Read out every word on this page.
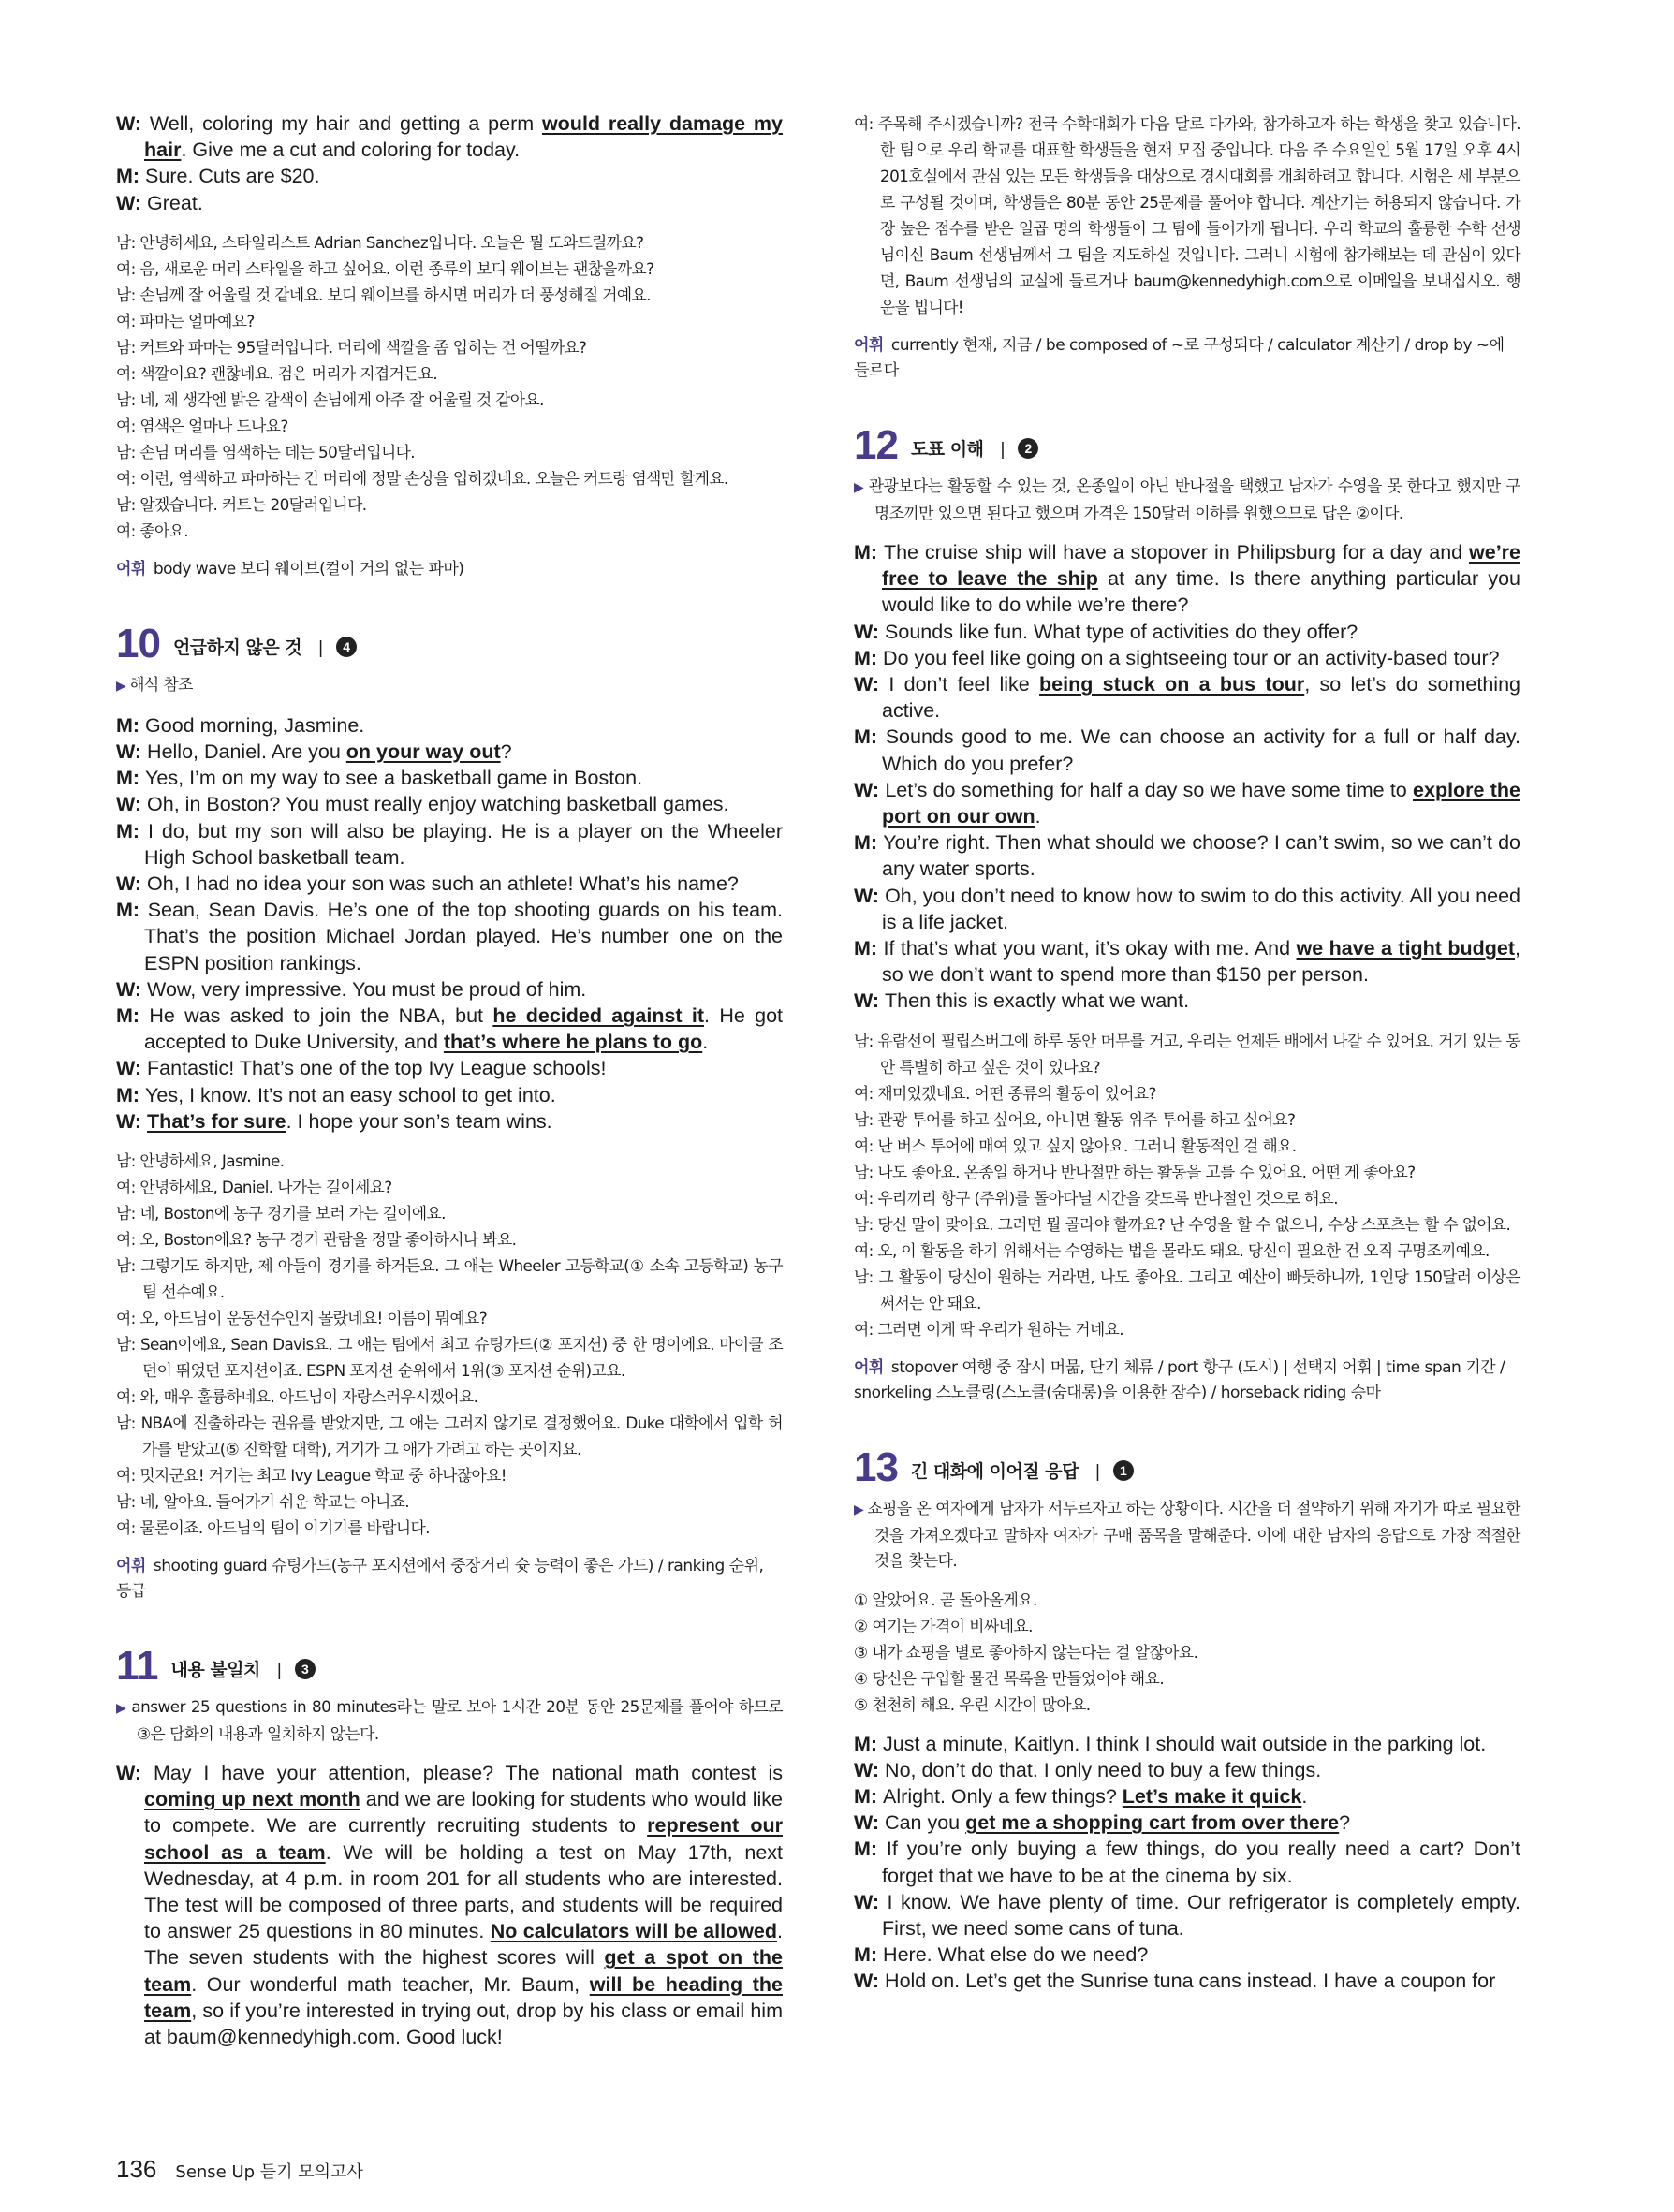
W: Well, coloring my hair and getting a perm would really damage my hair. Give me a cut and coloring for today.

M: Sure. Cuts are $20.

W: Great.

남: 안녕하세요, 스타일리스트 Adrian Sanchez입니다. 오늘은 뭘 도와드릴까요?

여: 음, 새로운 머리 스타일을 하고 싶어요. 이런 종류의 보디 웨이브는 괜찮을까요?

남: 손님께 잘 어울릴 것 같네요. 보디 웨이브를 하시면 머리가 더 풍성해질 거예요.

여: 파마는 얼마예요?

남: 커트와 파마는 95달러입니다. 머리에 색깔을 좀 입히는 건 어떨까요?

여: 색깔이요? 괜찮네요. 검은 머리가 지겹거든요.

남: 네, 제 생각엔 밝은 갈색이 손님에게 아주 잘 어울릴 것 같아요.

여: 염색은 얼마나 드나요?

남: 손님 머리를 염색하는 데는 50달러입니다.

여: 이런, 염색하고 파마하는 건 머리에 정말 손상을 입히겠네요. 오늘은 커트랑 염색만 할게요.

남: 알겠습니다. 커트는 20달러입니다.

여: 좋아요.

어휘 body wave 보디 웨이브(컬이 거의 없는 파마)
10 언급하지 않은 것 |	4

▶ 해석 참조

M: Good morning, Jasmine.

W: Hello, Daniel. Are you on your way out?

M: Yes, I’m on my way to see a basketball game in Boston.

W: Oh, in Boston? You must really enjoy watching basketball games.

M: I do, but my son will also be playing. He is a player on the Wheeler High School basketball team.

W: Oh, I had no idea your son was such an athlete! What’s his name?

M: Sean, Sean Davis. He’s one of the top shooting guards on his team. That’s the position Michael Jordan played. He’s number one on the ESPN position rankings.

W: Wow, very impressive. You must be proud of him.

M: He was asked to join the NBA, but he decided against it. He got accepted to Duke University, and that’s where he plans to go.

W: Fantastic! That’s one of the top Ivy League schools!

M: Yes, I know. It’s not an easy school to get into.

W: That’s for sure. I hope your son’s team wins.

남: 안녕하세요, Jasmine.

여: 안녕하세요, Daniel. 나가는 길이세요?

남: 네, Boston에 농구 경기를 보러 가는 길이에요.

여: 오, Boston에요? 농구 경기 관람을 정말 좋아하시나 봐요.

남: 그렇기도 하지만, 제 아들이 경기를 하거든요. 그 애는 Wheeler 고등학교(① 소속 고등학교) 농구팀 선수예요.

여: 오, 아드님이 운동선수인지 몰랐네요! 이름이 뭐예요?

남: Sean이에요, Sean Davis요. 그 애는 팀에서 최고 슈팅가드(② 포지션) 중 한 명이에요. 마이클 조던이 뛰었던 포지션이죠. ESPN 포지션 순위에서 1위(③ 포지션 순위)고요.

여: 와, 매우 훌륭하네요. 아드님이 자랑스러우시겠어요.

남: NBA에 진출하라는 권유를 받았지만, 그 애는 그러지 않기로 결정했어요. Duke 대학에서 입학 허가를 받았고(⑤ 진학할 대학), 거기가 그 애가 가려고 하는 곳이지요.

여: 멋지군요! 거기는 최고 Ivy League 학교 중 하나잖아요!

남: 네, 알아요. 들어가기 쉬운 학교는 아니죠.

여: 물론이죠. 아드님의 팀이 이기기를 바랍니다.

어휘 shooting guard 슈팅가드(농구 포지션에서 중장거리 슛 능력이 좋은 가드) / ranking 순위, 등급
11 내용 불일치 |	3

▶ answer 25 questions in 80 minutes라는 말로 보아 1시간 20분 동안 25문제를 풀어야 하므로 ③은 담화의 내용과 일치하지 않는다.

W: May I have your attention, please? The national math contest is coming up next month and we are looking for students who would like to compete. We are currently recruiting students to represent our school as a team. We will be holding a test on May 17th, next Wednesday, at 4 p.m. in room 201 for all students who are interested. The test will be composed of three parts, and students will be required to answer 25 questions in 80 minutes. No calculators will be allowed. The seven students with the highest scores will get a spot on the team. Our wonderful math teacher, Mr. Baum, will be heading the team, so if you’re interested in trying out, drop by his class or email him at baum@kennedyhigh.com. Good luck!

여: 주목해 주시겠습니까? 전국 수학대회가 다음 달로 다가와, 참가하고자 하는 학생을 찾고 있습니다. 한 팀으로 우리 학교를 대표할 학생들을 현재 모집 중입니다. 다음 주 수요일인 5월 17일 오후 4시 201호실에서 관심 있는 모든 학생들을 대상으로 경시대회를 개최하려고 합니다. 시험은 세 부분으로 구성될 것이며, 학생들은 80분 동안 25문제를 풀어야 합니다. 계산기는 허용되지 않습니다. 가장 높은 점수를 받은 일곱 명의 학생들이 그 팀에 들어가게 됩니다. 우리 학교의 훌륭한 수학 선생님이신 Baum 선생님께서 그 팀을 지도하실 것입니다. 그러니 시험에 참가해보는 데 관심이 있다면, Baum 선생님의 교실에 들르거나 baum@kennedyhigh.com으로 이메일을 보내십시오. 행운을 빕니다!

어휘 currently 현재, 지금 / be composed of ~로 구성되다 / calculator 계산기 / drop by ~에 들르다
12 도표 이해 |	2

▶ 관광보다는 활동할 수 있는 것, 온종일이 아닌 반나절을 택했고 남자가 수영을 못 한다고 했지만 구명조끼만 있으면 된다고 했으며 가격은 150달러 이하를 원했으므로 답은 ②이다.

M: The cruise ship will have a stopover in Philipsburg for a day and we’re free to leave the ship at any time. Is there anything particular you would like to do while we’re there?

W: Sounds like fun. What type of activities do they offer?

M: Do you feel like going on a sightseeing tour or an activity-based tour?

W: I don’t feel like being stuck on a bus tour, so let’s do something active.

M: Sounds good to me. We can choose an activity for a full or half day. Which do you prefer?

W: Let’s do something for half a day so we have some time to explore the port on our own.

M: You’re right. Then what should we choose? I can’t swim, so we can’t do any water sports.

W: Oh, you don’t need to know how to swim to do this activity. All you need is a life jacket.

M: If that’s what you want, it’s okay with me. And we have a tight budget, so we don’t want to spend more than $150 per person.

W: Then this is exactly what we want.

남: 유람선이 필립스버그에 하루 동안 머무를 거고, 우리는 언제든 배에서 나갈 수 있어요. 거기 있는 동안 특별히 하고 싶은 것이 있나요?

여: 재미있겠네요. 어떤 종류의 활동이 있어요?

남: 관광 투어를 하고 싶어요, 아니면 활동 위주 투어를 하고 싶어요?

여: 난 버스 투어에 매여 있고 싶지 않아요. 그러니 활동적인 걸 해요.

남: 나도 좋아요. 온종일 하거나 반나절만 하는 활동을 고를 수 있어요. 어떤 게 좋아요?

여: 우리끼리 항구 (주위)를 돌아다닐 시간을 갖도록 반나절인 것으로 해요.

남: 당신 말이 맞아요. 그러면 뭘 골라야 할까요? 난 수영을 할 수 없으니, 수상 스포츠는 할 수 없어요.

여: 오, 이 활동을 하기 위해서는 수영하는 법을 몰라도 돼요. 당신이 필요한 건 오직 구명조끼예요.

남: 그 활동이 당신이 원하는 거라면, 나도 좋아요. 그리고 예산이 빠듯하니까, 1인당 150달러 이상은 써서는 안 돼요.

여: 그러면 이게 딱 우리가 원하는 거네요.

어휘 stopover 여행 중 잠시 머묾, 단기 체류 / port 항구 (도시) | 선택지 어휘 | time span 기간 / snorkeling 스노클링(스노클(숨대롱)을 이용한 잠수) / horseback riding 승마
13 긴 대화에 이어질 응답 |	1

▶ 쇼핑을 온 여자에게 남자가 서두르자고 하는 상황이다. 시간을 더 절약하기 위해 자기가 따로 필요한 것을 가져오겠다고 말하자 여자가 구매 품목을 말해준다. 이에 대한 남자의 응답으로 가장 적절한 것을 찾는다.

① 알았어요. 곧 돌아올게요.

② 여기는 가격이 비싸네요.

③ 내가 쇼핑을 별로 좋아하지 않는다는 걸 알잖아요.

④ 당신은 구입할 물건 목록을 만들었어야 해요.

⑤ 천천히 해요. 우린 시간이 많아요.

M: Just a minute, Kaitlyn. I think I should wait outside in the parking lot.

W: No, don’t do that. I only need to buy a few things.

M: Alright. Only a few things? Let’s make it quick.

W: Can you get me a shopping cart from over there?

M: If you’re only buying a few things, do you really need a cart? Don’t forget that we have to be at the cinema by six.

W: I know. We have plenty of time. Our refrigerator is completely empty. First, we need some cans of tuna.

M: Here. What else do we need?

W: Hold on. Let’s get the Sunrise tuna cans instead. I have a coupon for

136 Sense Up 듣기 모의고사
